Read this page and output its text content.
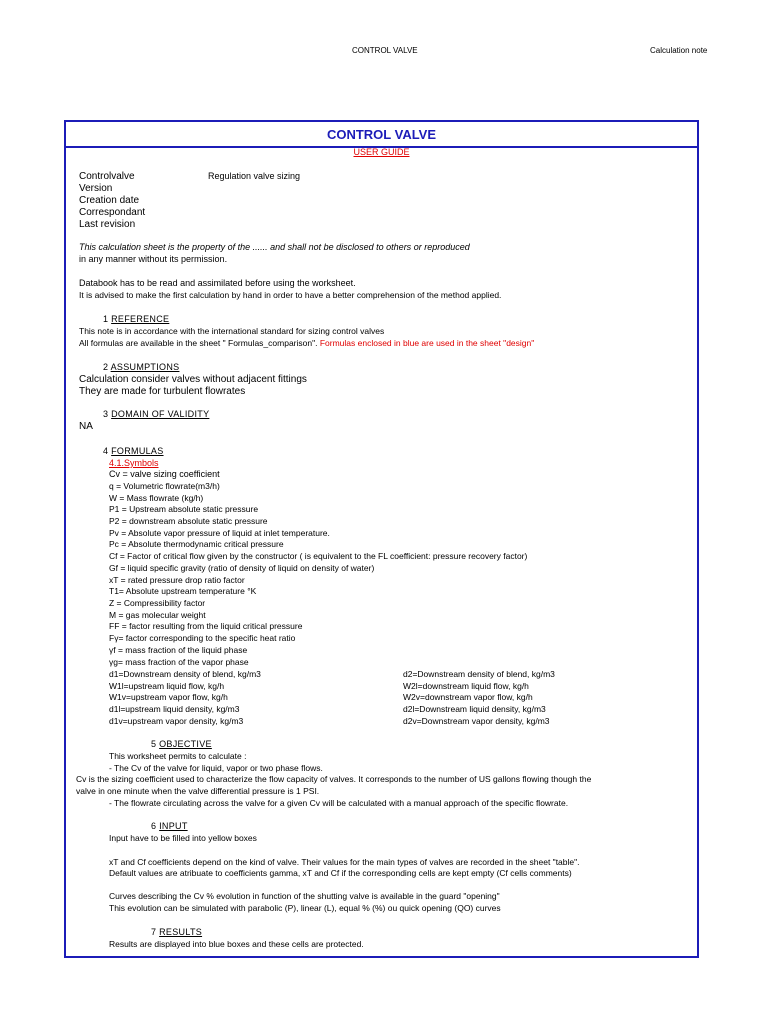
CONTROL VALVE	Calculation note
CONTROL VALVE
USER GUIDE
Controlvalve	Regulation valve sizing
Version
Creation date
Correspondant
Last revision
This calculation sheet is the property of the ...... and shall not be disclosed to others or reproduced
in any manner without its permission.
Databook has to be read and assimilated before using the worksheet.
It is advised to make the first calculation by hand in order to have a better comprehension of the method applied.
1 REFERENCE
This note is in accordance with the international standard for sizing control valves
All formulas are available in the sheet " Formulas_comparison". Formulas enclosed in blue are used in the sheet "design"
2 ASSUMPTIONS
Calculation consider valves without adjacent fittings
They are made for turbulent flowrates
3 DOMAIN OF VALIDITY
NA
4 FORMULAS
4.1.Symbols
Cv = valve sizing coefficient
q = Volumetric flowrate(m3/h)
W = Mass flowrate (kg/h)
P1 = Upstream absolute static pressure
P2 = downstream absolute static pressure
Pv = Absolute vapor pressure of liquid at inlet temperature.
Pc = Absolute thermodynamic critical pressure
Cf = Factor of critical flow given by the constructor ( is equivalent to the FL coefficient: pressure recovery factor)
Gf = liquid specific gravity (ratio of density of liquid on density of water)
xT = rated pressure drop ratio factor
T1= Absolute upstream temperature °K
Z = Compressibility factor
M = gas molecular weight
FF = factor resulting from the liquid critical pressure
Fγ= factor corresponding to the specific heat ratio
γf = mass fraction of the liquid phase
γg= mass fraction of the vapor phase
d1=Downstream density of blend, kg/m3	d2=Downstream density of blend, kg/m3
W1l=upstream liquid flow, kg/h	W2l=downstream liquid flow, kg/h
W1v=upstream vapor flow, kg/h	W2v=downstream vapor flow, kg/h
d1l=upstream liquid density, kg/m3	d2l=Downstream liquid density, kg/m3
d1v=upstream vapor density, kg/m3	d2v=Downstream vapor density, kg/m3
5 OBJECTIVE
This worksheet permits to calculate :
- The Cv of the valve for liquid, vapor or two phase flows.
Cv is the sizing coefficient used to characterize the flow capacity of valves. It corresponds to the number of US gallons flowing though the
valve in one minute when the valve differential pressure is 1 PSI.
- The flowrate circulating across the valve for a given Cv will be calculated with a manual approach of the specific flowrate.
6 INPUT
Input have to be filled into yellow boxes
xT and Cf coefficients depend on the kind of valve. Their values for the main types of valves are recorded in the sheet "table".
Default values are atribuate to coefficients gamma, xT and Cf if the corresponding cells are kept empty (Cf cells comments)
Curves describing the Cv % evolution in function of the shutting valve is available in the guard "opening"
This evolution can be simulated with parabolic (P), linear (L), equal % (%) ou quick opening (QO) curves
7 RESULTS
Results are displayed into blue boxes and these cells are protected.
